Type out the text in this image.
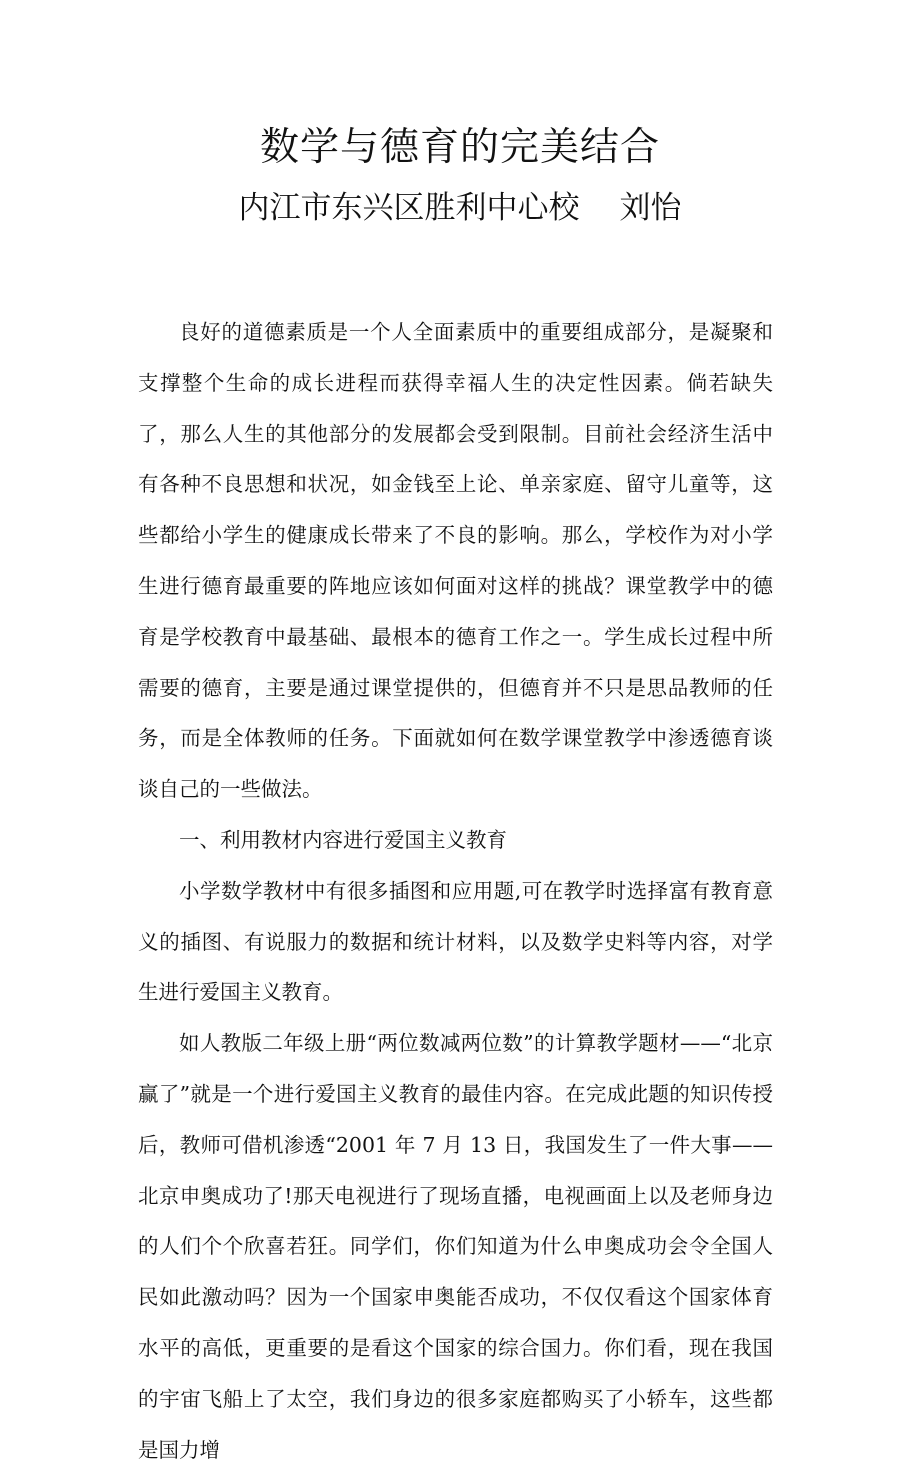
数学与德育的完美结合
内江市东兴区胜利中心校 刘怡

良好的道德素质是一个人全面素质中的重要组成部分，是凝聚和支撑整个生命的成长进程而获得幸福人生的决定性因素。倘若缺失了，那么人生的其他部分的发展都会受到限制。目前社会经济生活中有各种不良思想和状况，如金钱至上论、单亲家庭、留守儿童等，这些都给小学生的健康成长带来了不良的影响。那么，学校作为对小学生进行德育最重要的阵地应该如何面对这样的挑战？课堂教学中的德育是学校教育中最基础、最根本的德育工作之一。学生成长过程中所需要的德育，主要是通过课堂提供的，但德育并不只是思品教师的任务，而是全体教师的任务。下面就如何在数学课堂教学中渗透德育谈谈自己的一些做法。

一、利用教材内容进行爱国主义教育

小学数学教材中有很多插图和应用题,可在教学时选择富有教育意义的插图、有说服力的数据和统计材料，以及数学史料等内容，对学生进行爱国主义教育。

如人教版二年级上册“两位数减两位数”的计算教学题材——“北京赢了”就是一个进行爱国主义教育的最佳内容。在完成此题的知识传授后，教师可借机渗透“2001 年 7 月 13 日，我国发生了一件大事——北京申奥成功了!那天电视进行了现场直播，电视画面上以及老师身边的人们个个欣喜若狂。同学们，你们知道为什么申奥成功会令全国人民如此激动吗？因为一个国家申奥能否成功，不仅仅看这个国家体育水平的高低，更重要的是看这个国家的综合国力。你们看，现在我国的宇宙飞船上了太空，我们身边的很多家庭都购买了小轿车，这些都是国力增
